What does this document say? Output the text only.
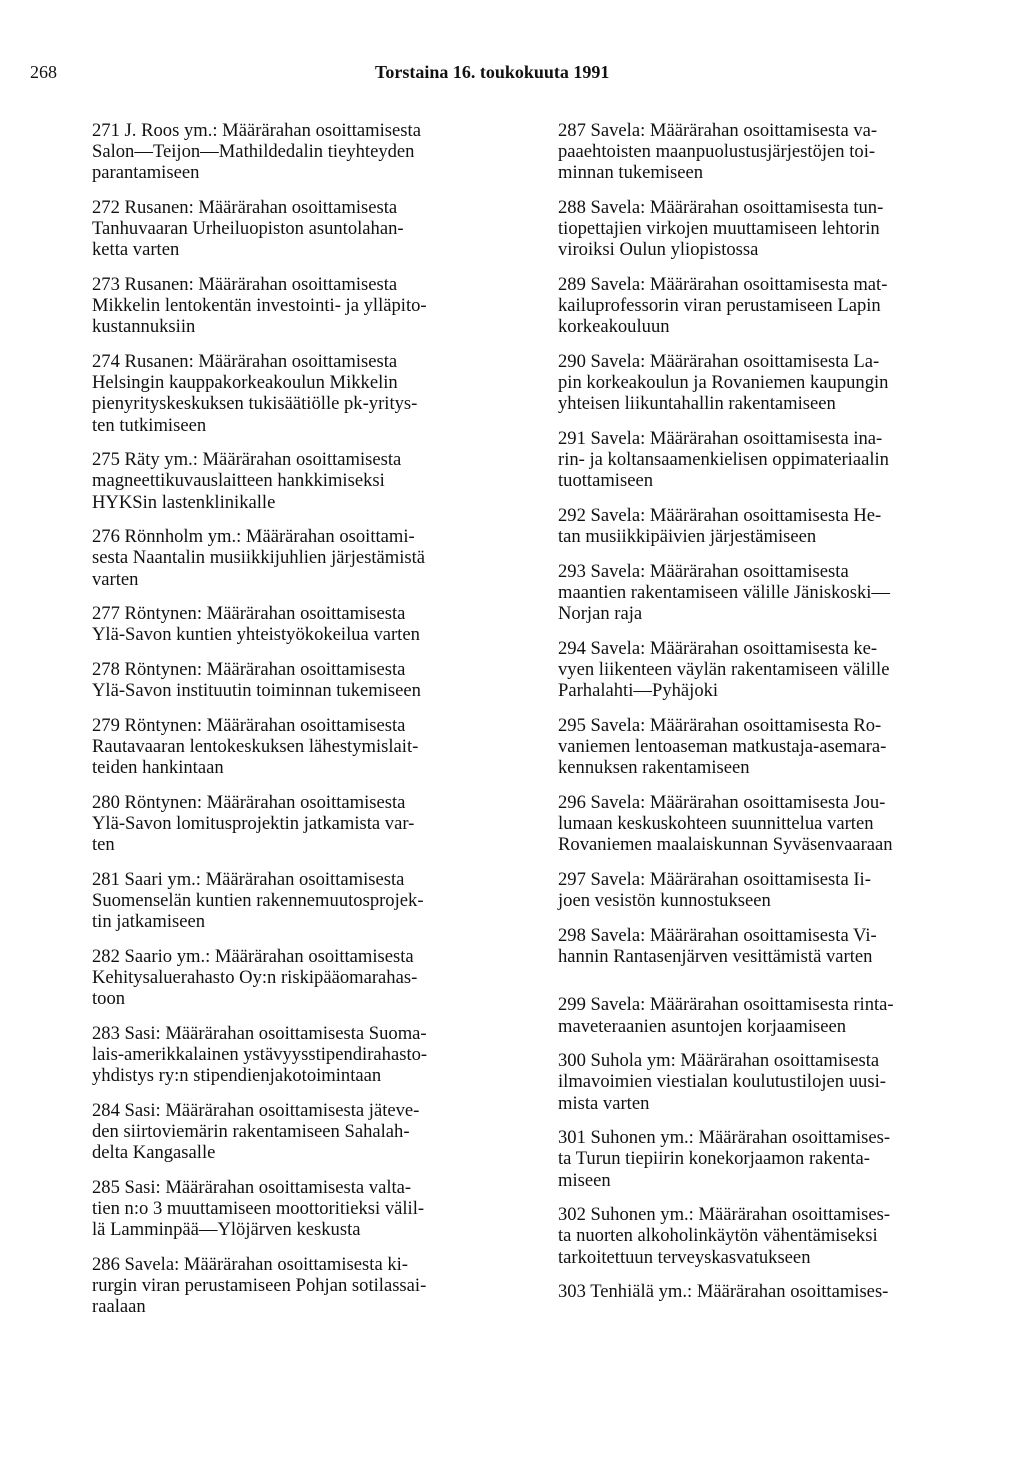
268	Torstaina 16. toukokuuta 1991
271 J. Roos ym.: Määrärahan osoittamisesta
Salon—Teijon—Mathildedalin tieyhteyden
parantamiseen
272 Rusanen: Määrärahan osoittamisesta
Tanhuvaaran Urheiluopiston asuntolahan-
ketta varten
273 Rusanen: Määrärahan osoittamisesta
Mikkelin lentokentän investointi- ja ylläpito-
kustannuksiin
274 Rusanen: Määrärahan osoittamisesta
Helsingin kauppakorkeakoulun Mikkelin
pienyrityskeskuksen tukisäätiölle pk-yritys-
ten tutkimiseen
275 Räty ym.: Määrärahan osoittamisesta
magneettikuvauslaitteen hankkimiseksi
HYKSin lastenklinikalle
276 Rönnholm ym.: Määrärahan osoittami-
sesta Naantalin musiikkijuhlien järjestämistä
varten
277 Röntynen: Määrärahan osoittamisesta
Ylä-Savon kuntien yhteistyökokeilua varten
278 Röntynen: Määrärahan osoittamisesta
Ylä-Savon instituutin toiminnan tukemiseen
279 Röntynen: Määrärahan osoittamisesta
Rautavaaran lentokeskuksen lähestymislait-
teiden hankintaan
280 Röntynen: Määrärahan osoittamisesta
Ylä-Savon lomitusprojektin jatkamista var-
ten
281 Saari ym.: Määrärahan osoittamisesta
Suomenselän kuntien rakennemuutosprojek-
tin jatkamiseen
282 Saario ym.: Määrärahan osoittamisesta
Kehitysaluerahasto Oy:n riskipääomarahas-
toon
283 Sasi: Määrärahan osoittamisesta Suoma-
lais-amerikkalainen ystävyysstipendirahasto-
yhdistys ry:n stipendienjakotoimintaan
284 Sasi: Määrärahan osoittamisesta jäteve-
den siirtoviemärin rakentamiseen Sahalah-
delta Kangasalle
285 Sasi: Määrärahan osoittamisesta valta-
tien n:o 3 muuttamiseen moottoritieksi välil-
lä Lamminpää—Ylöjärven keskusta
286 Savela: Määrärahan osoittamisesta ki-
rurgin viran perustamiseen Pohjan sotilassai-
raalaan
287 Savela: Määrärahan osoittamisesta va-
paaehtoisten maanpuolustusjärjestöjen toi-
minnan tukemiseen
288 Savela: Määrärahan osoittamisesta tun-
tiopettajien virkojen muuttamiseen lehtorin
viroiksi Oulun yliopistossa
289 Savela: Määrärahan osoittamisesta mat-
kailuprofessorin viran perustamiseen Lapin
korkeakouluun
290 Savela: Määrärahan osoittamisesta La-
pin korkeakoulun ja Rovaniemen kaupungin
yhteisen liikuntahallin rakentamiseen
291 Savela: Määrärahan osoittamisesta ina-
rin- ja koltansaamenkielisen oppimateriaalin
tuottamiseen
292 Savela: Määrärahan osoittamisesta He-
tan musiikkipäivien järjestämiseen
293 Savela: Määrärahan osoittamisesta
maantien rakentamiseen välille Jäniskoski—
Norjan raja
294 Savela: Määrärahan osoittamisesta ke-
vyen liikenteen väylän rakentamiseen välille
Parhalahti—Pyhäjoki
295 Savela: Määrärahan osoittamisesta Ro-
vaniemen lentoaseman matkustaja-asemara-
kennuksen rakentamiseen
296 Savela: Määrärahan osoittamisesta Jou-
lumaan keskuskohteen suunnittelua varten
Rovaniemen maalaiskunnan Syväsenvaaraan
297 Savela: Määrärahan osoittamisesta Ii-
joen vesistön kunnostukseen
298 Savela: Määrärahan osoittamisesta Vi-
hannin Rantasenjärven vesittämistä varten
299 Savela: Määrärahan osoittamisesta rinta-
maveteraanien asuntojen korjaamiseen
300 Suhola ym: Määrärahan osoittamisesta
ilmavoimien viestialan koulutustilojen uusi-
mista varten
301 Suhonen ym.: Määrärahan osoittamises-
ta Turun tiepiirin konekorjaamon rakenta-
miseen
302 Suhonen ym.: Määrärahan osoittamises-
ta nuorten alkoholinkäytön vähentämiseksi
tarkoitettuun terveyskasvatukseen
303 Tenhiälä ym.: Määrärahan osoittamises-
